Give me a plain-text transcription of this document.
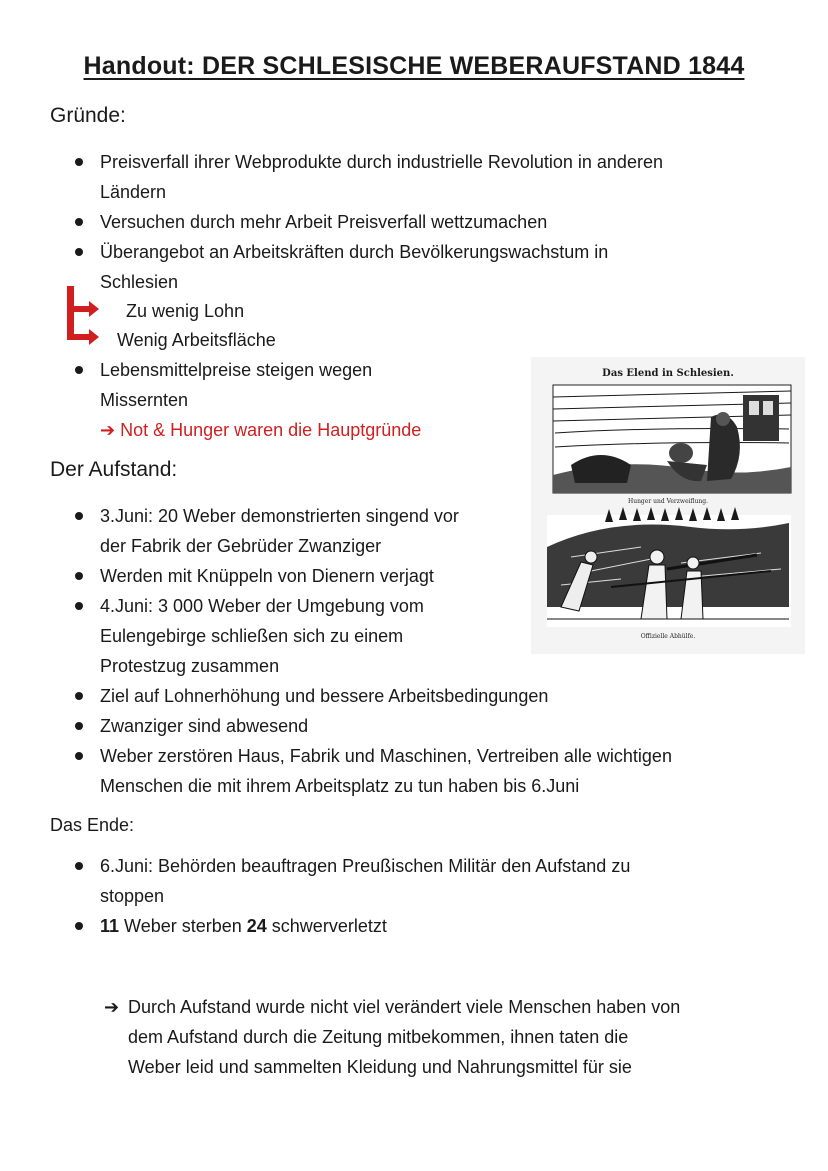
Handout: DER SCHLESISCHE WEBERAUFSTAND 1844
Gründe:
Preisverfall ihrer Webprodukte durch industrielle Revolution in anderen
Ländern
Versuchen durch mehr Arbeit Preisverfall wettzumachen
Überangebot an Arbeitskräften durch Bevölkerungswachstum in
Schlesien
Zu wenig Lohn
Wenig Arbeitsfläche
Lebensmittelpreise steigen wegen
Missernten
➔ Not & Hunger waren die Hauptgründe
Das Elend in Schlesien.
Hunger und Verzweiflung.
Offizielle Abhülfe.
Der Aufstand:
3.Juni: 20 Weber demonstrierten singend vor
der Fabrik der Gebrüder Zwanziger
Werden mit Knüppeln von Dienern verjagt
4.Juni: 3 000 Weber der Umgebung vom
Eulengebirge schließen sich zu einem
Protestzug zusammen
Ziel auf Lohnerhöhung und bessere Arbeitsbedingungen
Zwanziger sind abwesend
Weber zerstören Haus, Fabrik und Maschinen, Vertreiben alle wichtigen
Menschen die mit ihrem Arbeitsplatz zu tun haben bis 6.Juni
Das Ende:
6.Juni: Behörden beauftragen Preußischen Militär den Aufstand zu
stoppen
11 Weber sterben 24 schwerverletzt
➔ Durch Aufstand wurde nicht viel verändert viele Menschen haben von
dem Aufstand durch die Zeitung mitbekommen, ihnen taten die
Weber leid und sammelten Kleidung und Nahrungsmittel für sie
